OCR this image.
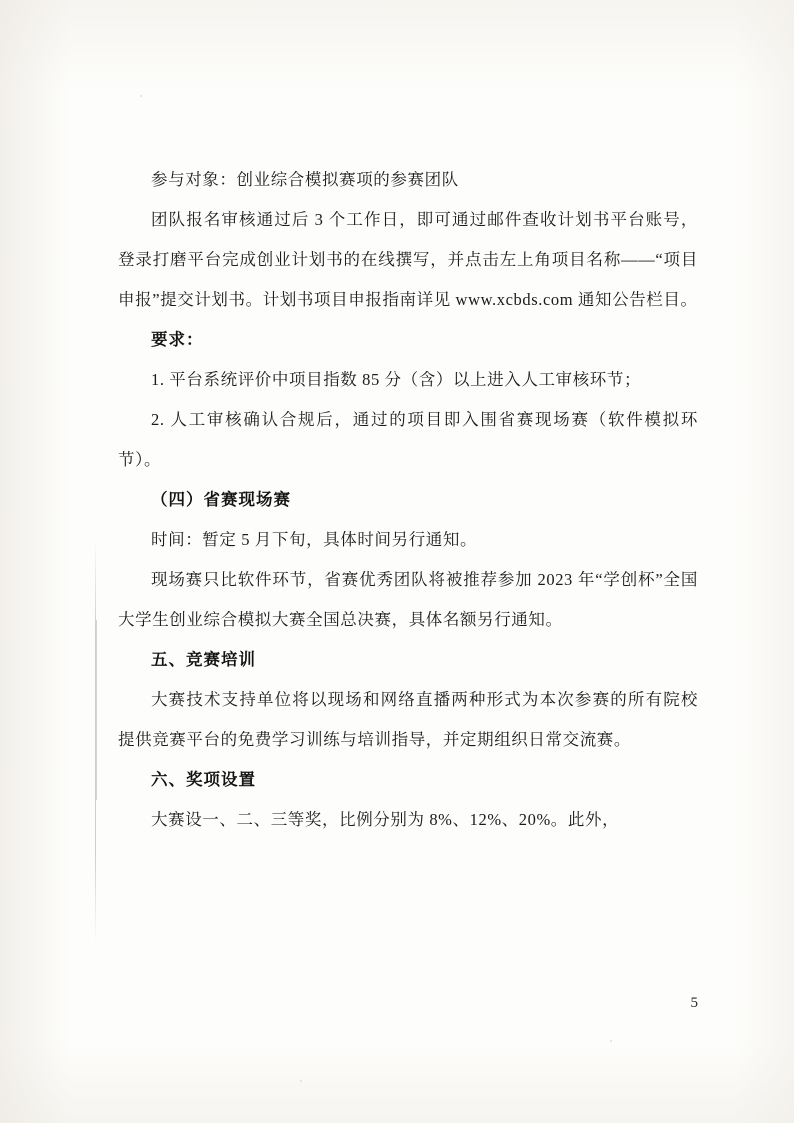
参与对象：创业综合模拟赛项的参赛团队

团队报名审核通过后 3 个工作日，即可通过邮件查收计划书平台账号，登录打磨平台完成创业计划书的在线撰写，并点击左上角项目名称——“项目申报”提交计划书。计划书项目申报指南详见 www.xcbds.com 通知公告栏目。

要求：

1. 平台系统评价中项目指数 85 分（含）以上进入人工审核环节；

2. 人工审核确认合规后，通过的项目即入围省赛现场赛（软件模拟环节）。

（四）省赛现场赛

时间：暂定 5 月下旬，具体时间另行通知。

现场赛只比软件环节，省赛优秀团队将被推荐参加 2023 年“学创杯”全国大学生创业综合模拟大赛全国总决赛，具体名额另行通知。

五、竞赛培训

大赛技术支持单位将以现场和网络直播两种形式为本次参赛的所有院校提供竞赛平台的免费学习训练与培训指导，并定期组织日常交流赛。

六、奖项设置

大赛设一、二、三等奖，比例分别为 8%、12%、20%。此外，

5
